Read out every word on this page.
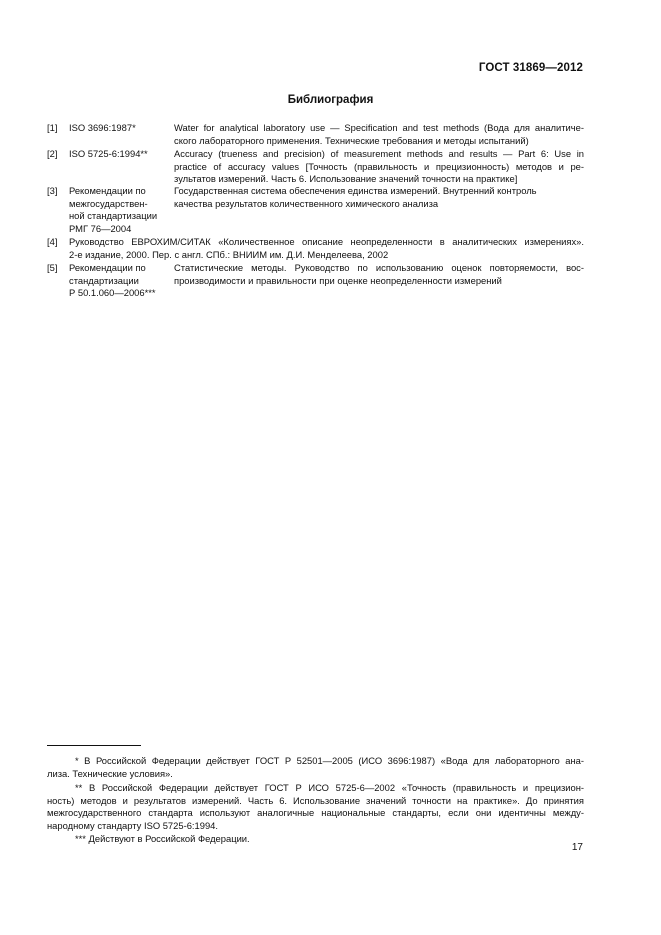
ГОСТ 31869—2012
Библиография
[1] ISO 3696:1987*	Water for analytical laboratory use — Specification and test methods (Вода для аналитиче-
ского лабораторного применения. Технические требования и методы испытаний)
[2] ISO 5725-6:1994**	Accuracy (trueness and precision) of measurement methods and results — Part 6: Use in
practice of accuracy values [Точность (правильность и прецизионность) методов и ре-
зультатов измерений. Часть 6. Использование значений точности на практике]
[3] Рекомендации по
межгосударствен-
ной стандартизации
РМГ 76—2004
Государственная система обеспечения единства измерений. Внутренний контроль
качества результатов количественного химического анализа
[4] Руководство ЕВРОХИМ/СИТАК «Количественное описание неопределенности в аналитических измерениях».
2-е издание, 2000. Пер. с англ. СПб.: ВНИИМ им. Д.И. Менделеева, 2002
[5] Рекомендации по
стандартизации
Р 50.1.060—2006***
Статистические методы. Руководство по использованию оценок повторяемости, вос-
производимости и правильности при оценке неопределенности измерений
* В Российской Федерации действует ГОСТ Р 52501—2005 (ИСО 3696:1987) «Вода для лабораторного ана-
лиза. Технические условия».
** В Российской Федерации действует ГОСТ Р ИСО 5725-6—2002 «Точность (правильность и прецизион-
ность) методов и результатов измерений. Часть 6. Использование значений точности на практике». До принятия
межгосударственного стандарта используют аналогичные национальные стандарты, если они идентичны между-
народному стандарту ISO 5725-6:1994.
*** Действуют в Российской Федерации.
17
